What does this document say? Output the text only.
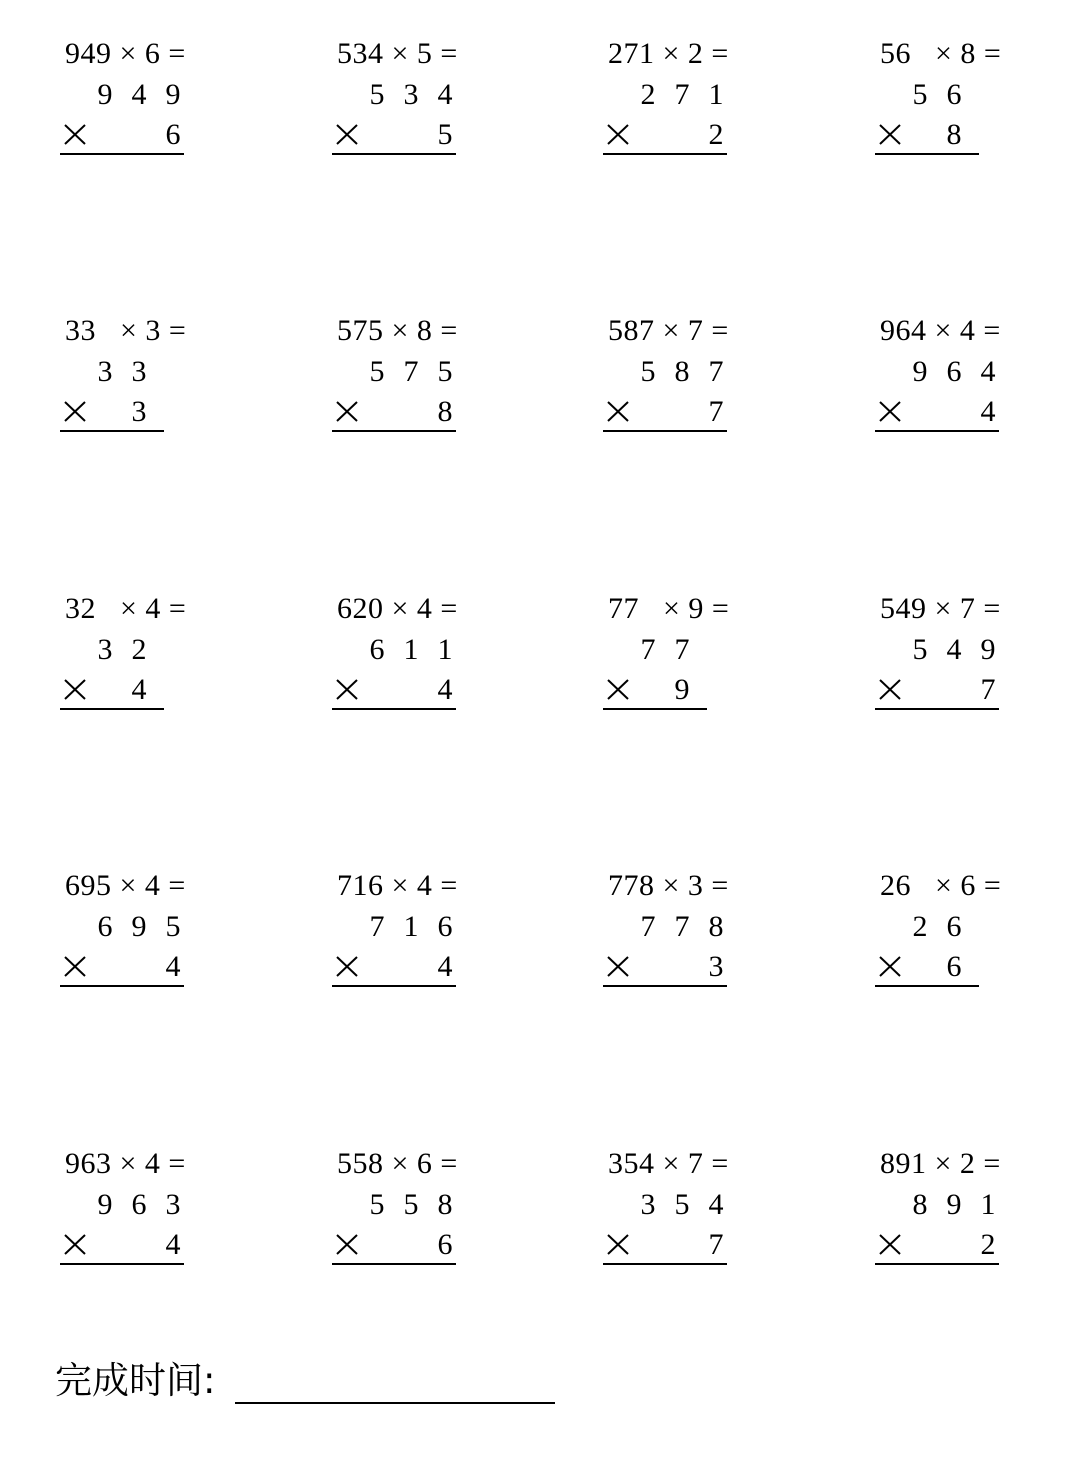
949 × 6 =
9 4 9
6
534 × 5 =
5 3 4
5
271 × 2 =
2 7 1
2
56   × 8 =
5 6
8
33   × 3 =
3 3
3
575 × 8 =
5 7 5
8
587 × 7 =
5 8 7
7
964 × 4 =
9 6 4
4
32   × 4 =
3 2
4
620 × 4 =
6 1 1
4
77   × 9 =
7 7
9
549 × 7 =
5 4 9
7
695 × 4 =
6 9 5
4
716 × 4 =
7 1 6
4
778 × 3 =
7 7 8
3
26   × 6 =
2 6
6
963 × 4 =
9 6 3
4
558 × 6 =
5 5 8
6
354 × 7 =
3 5 4
7
891 × 2 =
8 9 1
2
完成时间:
